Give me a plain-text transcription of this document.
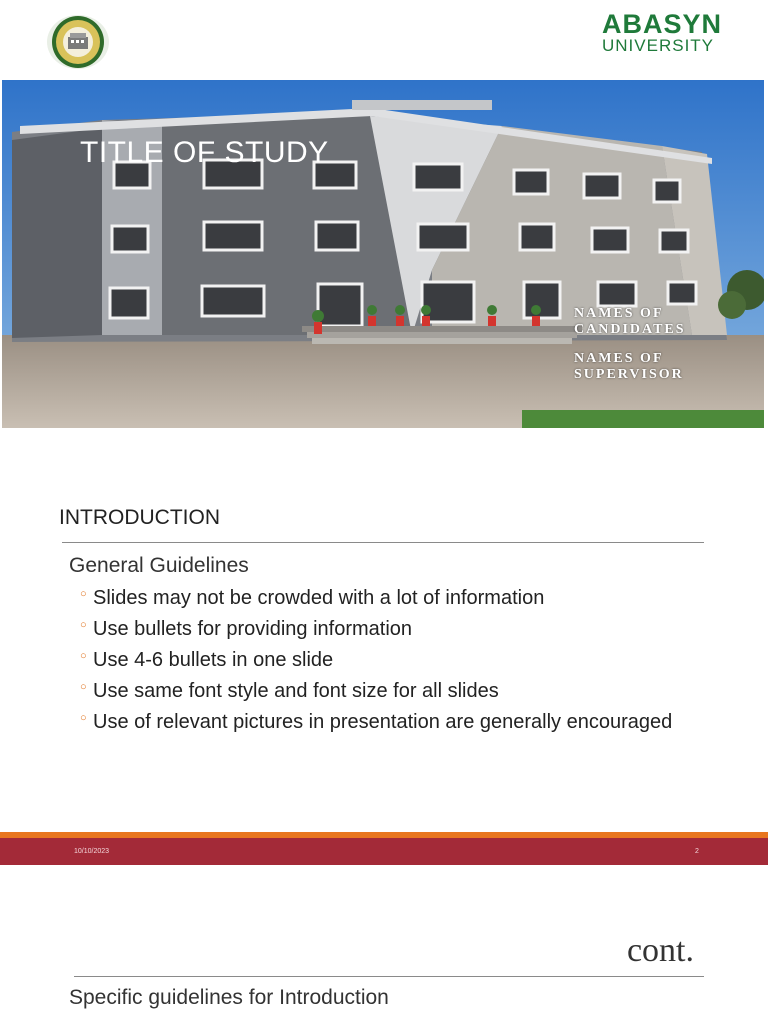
ABASYN
UNIVERSITY
TITLE OF STUDY
NAMES OF
CANDIDATES
NAMES OF
SUPERVISOR
INTRODUCTION
General Guidelines
○ Slides may not be crowded with a lot of information
○ Use bullets for providing information
○ Use 4-6 bullets in one slide
○ Use same font style and font size for all slides
○ Use of relevant pictures in presentation are generally encouraged
10/10/2023	2
cont.
Specific guidelines for Introduction
